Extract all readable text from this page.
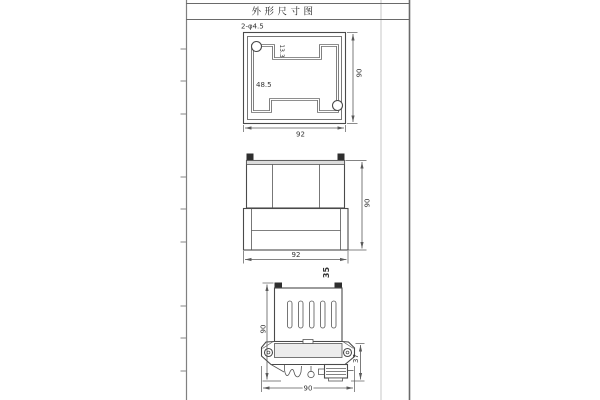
外形尺寸图
2-φ4.5
48.5
13.3
90
92
92
90
35
90
37
90
